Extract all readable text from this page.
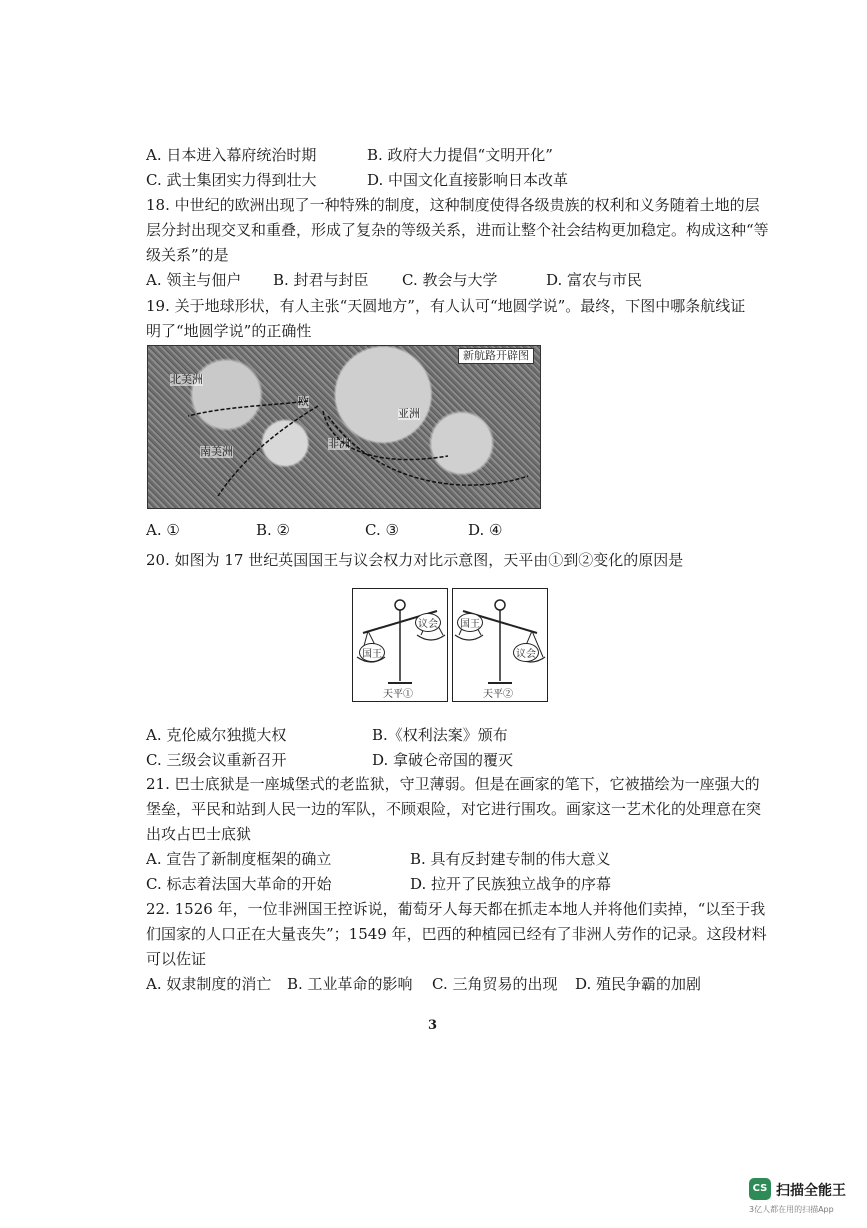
A. 日本进入幕府统治时期	B. 政府大力提倡“文明开化”
C. 武士集团实力得到壮大	D. 中国文化直接影响日本改革
18. 中世纪的欧洲出现了一种特殊的制度，这种制度使得各级贵族的权利和义务随着土地的层
层分封出现交叉和重叠，形成了复杂的等级关系，进而让整个社会结构更加稳定。构成这种“等
级关系”的是
A. 领主与佃户 B. 封君与封臣 C. 教会与大学	D. 富农与市民
19. 关于地球形状，有人主张“天圆地方”，有人认可“地圆学说”。最终，下图中哪条航线证
明了“地圆学说”的正确性
新航路开辟图
北美洲
欧
亚洲
南美洲
非洲
A. ①	B. ②	C. ③	D. ④
20. 如图为 17 世纪英国国王与议会权力对比示意图，天平由①到②变化的原因是
国王
议会
天平①
国王
议会
天平②
A. 克伦威尔独揽大权	B.《权利法案》颁布
C. 三级会议重新召开	D. 拿破仑帝国的覆灭
21. 巴士底狱是一座城堡式的老监狱，守卫薄弱。但是在画家的笔下，它被描绘为一座强大的
堡垒，平民和站到人民一边的军队，不顾艰险，对它进行围攻。画家这一艺术化的处理意在突
出攻占巴士底狱
A. 宣告了新制度框架的确立	B. 具有反封建专制的伟大意义
C. 标志着法国大革命的开始	D. 拉开了民族独立战争的序幕
22. 1526 年，一位非洲国王控诉说，葡萄牙人每天都在抓走本地人并将他们卖掉，“以至于我
们国家的人口正在大量丧失”；1549 年，巴西的种植园已经有了非洲人劳作的记录。这段材料
可以佐证
A. 奴隶制度的消亡 B. 工业革命的影响 C. 三角贸易的出现 D. 殖民争霸的加剧
3
CS 扫描全能王
3亿人都在用的扫描App
